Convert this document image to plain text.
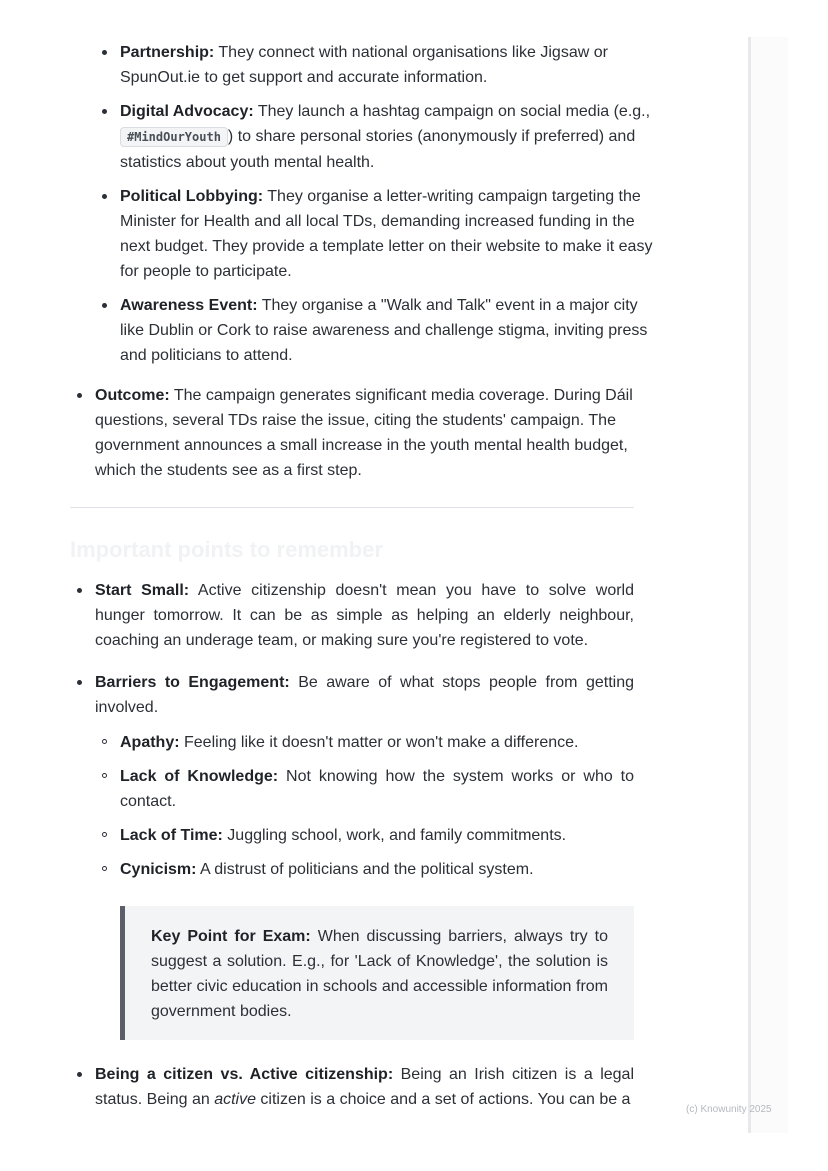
Partnership: They connect with national organisations like Jigsaw or SpunOut.ie to get support and accurate information.
Digital Advocacy: They launch a hashtag campaign on social media (e.g., #MindOurYouth ) to share personal stories (anonymously if preferred) and statistics about youth mental health.
Political Lobbying: They organise a letter-writing campaign targeting the Minister for Health and all local TDs, demanding increased funding in the next budget. They provide a template letter on their website to make it easy for people to participate.
Awareness Event: They organise a "Walk and Talk" event in a major city like Dublin or Cork to raise awareness and challenge stigma, inviting press and politicians to attend.
Outcome: The campaign generates significant media coverage. During Dáil questions, several TDs raise the issue, citing the students' campaign. The government announces a small increase in the youth mental health budget, which the students see as a first step.
Start Small: Active citizenship doesn't mean you have to solve world hunger tomorrow. It can be as simple as helping an elderly neighbour, coaching an underage team, or making sure you're registered to vote.
Barriers to Engagement: Be aware of what stops people from getting involved.
Apathy: Feeling like it doesn't matter or won't make a difference.
Lack of Knowledge: Not knowing how the system works or who to contact.
Lack of Time: Juggling school, work, and family commitments.
Cynicism: A distrust of politicians and the political system.
Being a citizen vs. Active citizenship: Being an Irish citizen is a legal status. Being an active citizen is a choice and a set of actions. You can be a
Important points to remember
Key Point for Exam: When discussing barriers, always try to suggest a solution. E.g., for 'Lack of Knowledge', the solution is better civic education in schools and accessible information from government bodies.
(c) Knowunity 2025
